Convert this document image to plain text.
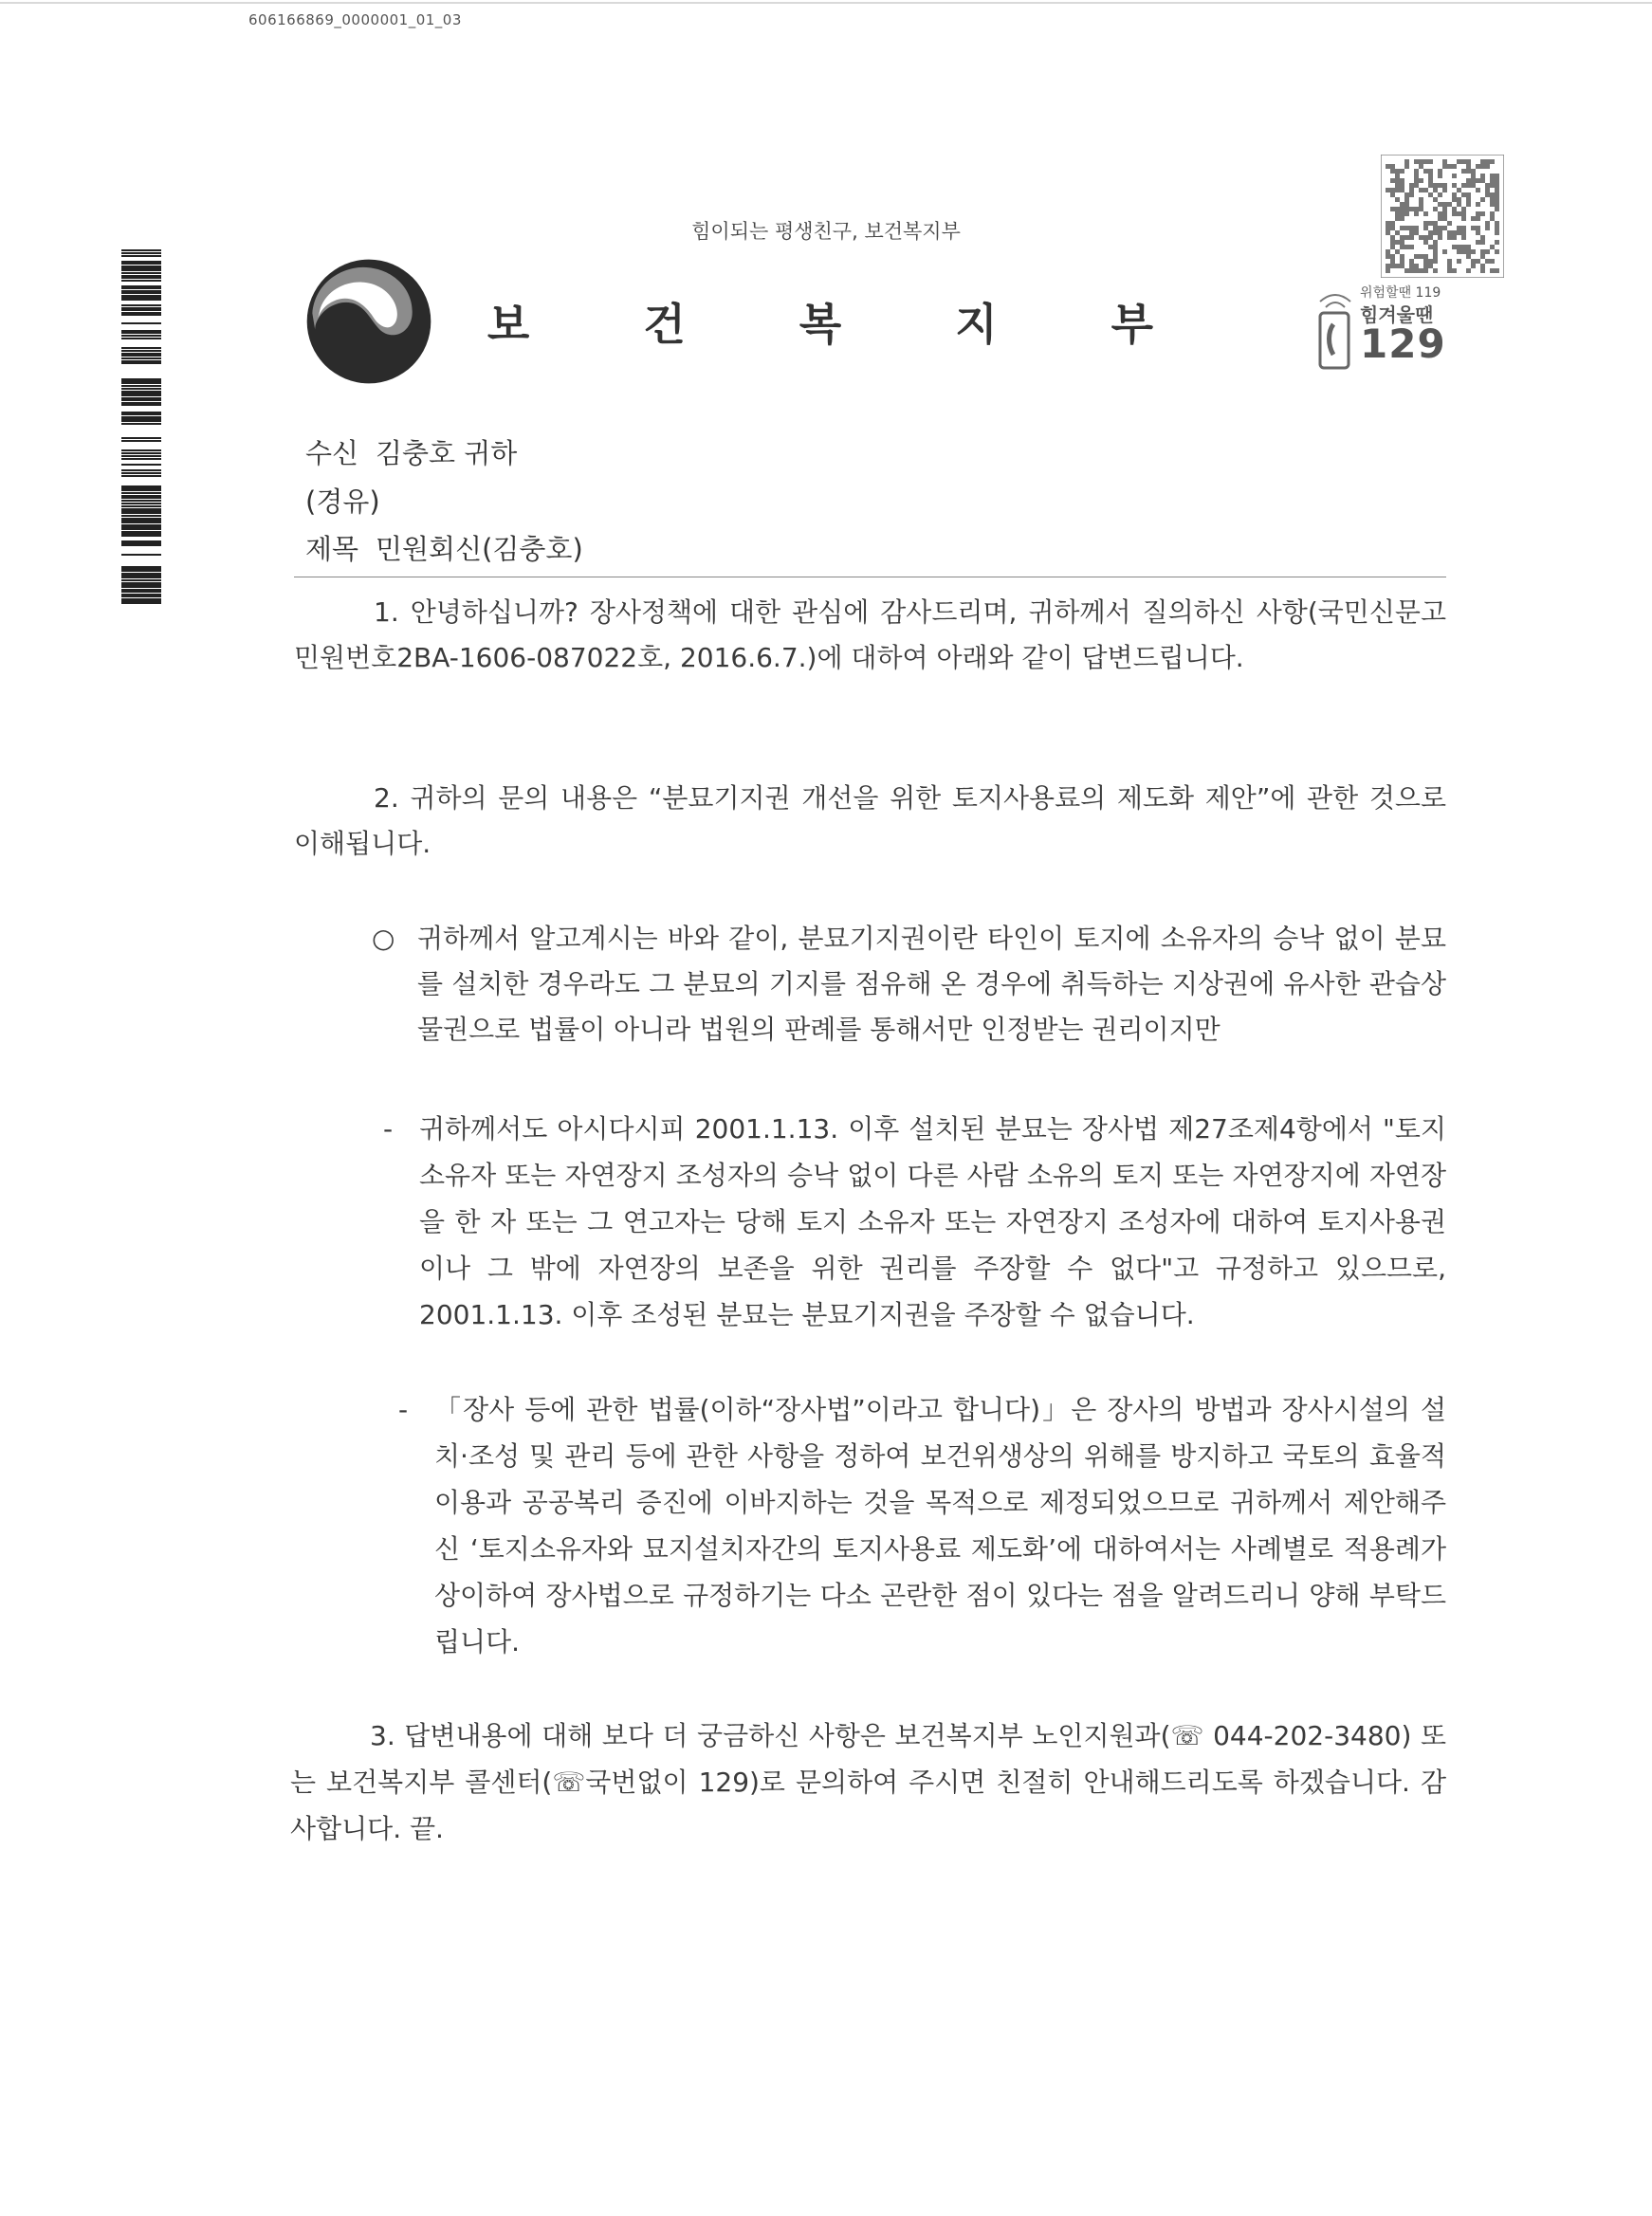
606166869_0000001_01_03
힘이되는 평생친구, 보건복지부
보 건 복 지 부
위험할땐 119
힘겨울땐
129
수신 김충호 귀하
(경유)
제목 민원회신(김충호)

1. 안녕하십니까? 장사정책에 대한 관심에 감사드리며, 귀하께서 질의하신 사항(국민신문고 민원번호2BA-1606-087022호, 2016.6.7.)에 대하여 아래와 같이 답변드립니다.

2. 귀하의 문의 내용은 “분묘기지권 개선을 위한 토지사용료의 제도화 제안”에 관한 것으로 이해됩니다.

○ 귀하께서 알고계시는 바와 같이, 분묘기지권이란 타인이 토지에 소유자의 승낙 없이 분묘를 설치한 경우라도 그 분묘의 기지를 점유해 온 경우에 취득하는 지상권에 유사한 관습상 물권으로 법률이 아니라 법원의 판례를 통해서만 인정받는 권리이지만
- 귀하께서도 아시다시피 2001.1.13. 이후 설치된 분묘는 장사법 제27조제4항에서 "토지 소유자 또는 자연장지 조성자의 승낙 없이 다른 사람 소유의 토지 또는 자연장지에 자연장을 한 자 또는 그 연고자는 당해 토지 소유자 또는 자연장지 조성자에 대하여 토지사용권이나 그 밖에 자연장의 보존을 위한 권리를 주장할 수 없다"고 규정하고 있으므로, 2001.1.13. 이후 조성된 분묘는 분묘기지권을 주장할 수 없습니다.
- 「장사 등에 관한 법률(이하“장사법”이라고 합니다)」은 장사의 방법과 장사시설의 설치·조성 및 관리 등에 관한 사항을 정하여 보건위생상의 위해를 방지하고 국토의 효율적 이용과 공공복리 증진에 이바지하는 것을 목적으로 제정되었으므로 귀하께서 제안해주신 ‘토지소유자와 묘지설치자간의 토지사용료 제도화’에 대하여서는 사례별로 적용례가 상이하여 장사법으로 규정하기는 다소 곤란한 점이 있다는 점을 알려드리니 양해 부탁드립니다.

3. 답변내용에 대해 보다 더 궁금하신 사항은 보건복지부 노인지원과(☏ 044-202-3480) 또는 보건복지부 콜센터(☏국번없이 129)로 문의하여 주시면 친절히 안내해드리도록 하겠습니다. 감사합니다. 끝.
